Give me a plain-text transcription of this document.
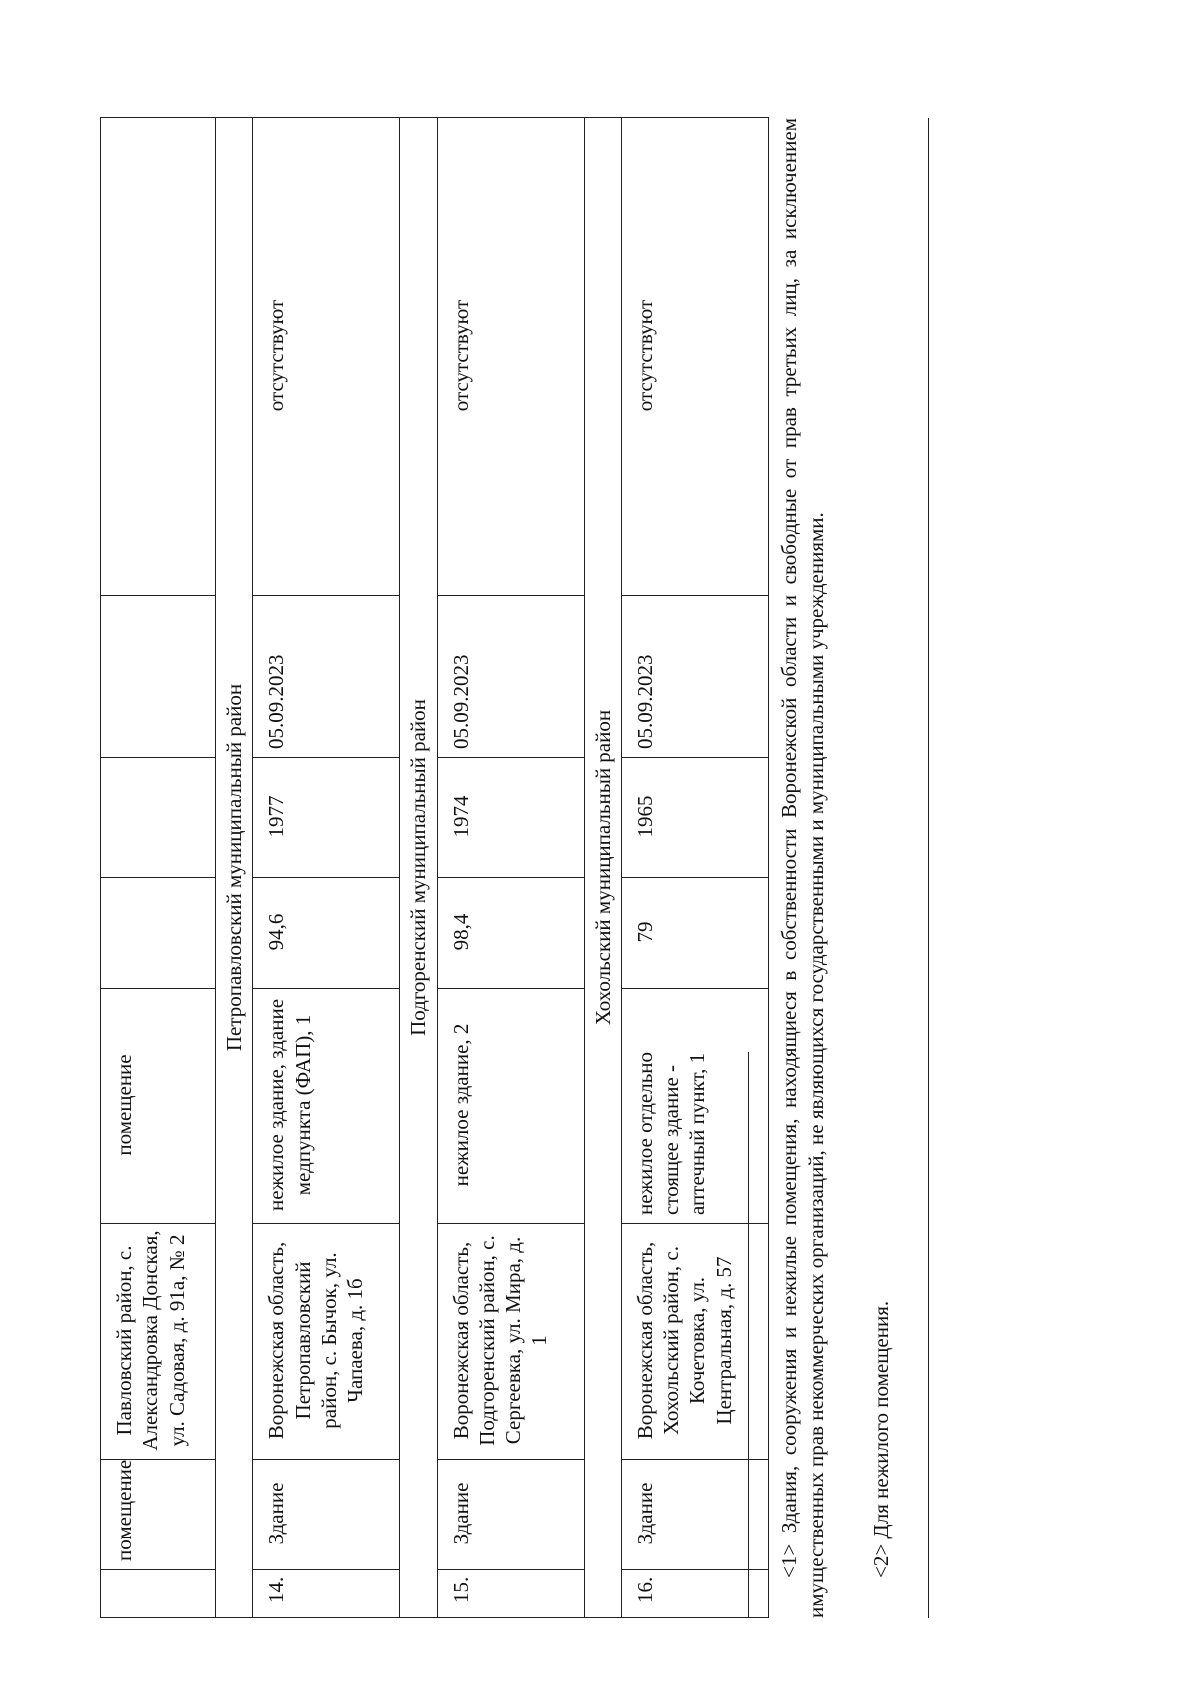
	помещение	Павловский район, с. Александровка Донская, ул. Садовая, д. 91а, № 2	помещение				
Петропавловский муниципальный район							
14.	Здание	Воронежская область, Петропавловский район, с. Бычок, ул. Чапаева, д. 1б	нежилое здание, здание медпункта (ФАП), 1	94,6	1977	05.09.2023	отсутствуют
Подгоренский муниципальный район							
15.	Здание	Воронежская область, Подгоренский район, с. Сергеевка, ул. Мира, д. 1	нежилое здание, 2	98,4	1974	05.09.2023	отсутствуют
Хохольский муниципальный район							
16.	Здание	Воронежская область, Хохольский район, с. Кочетовка, ул. Центральная, д. 57	нежилое отдельно стоящее здание - аптечный пункт, 1	79	1965	05.09.2023	отсутствуют	<1> Здания, сооружения и нежилые помещения, находящиеся в собственности Воронежской области и свободные от прав третьих лиц, за исключением имущественных прав некоммерческих организаций, не являющихся государственными и муниципальными учреждениями. <2> Для нежилого помещения.
